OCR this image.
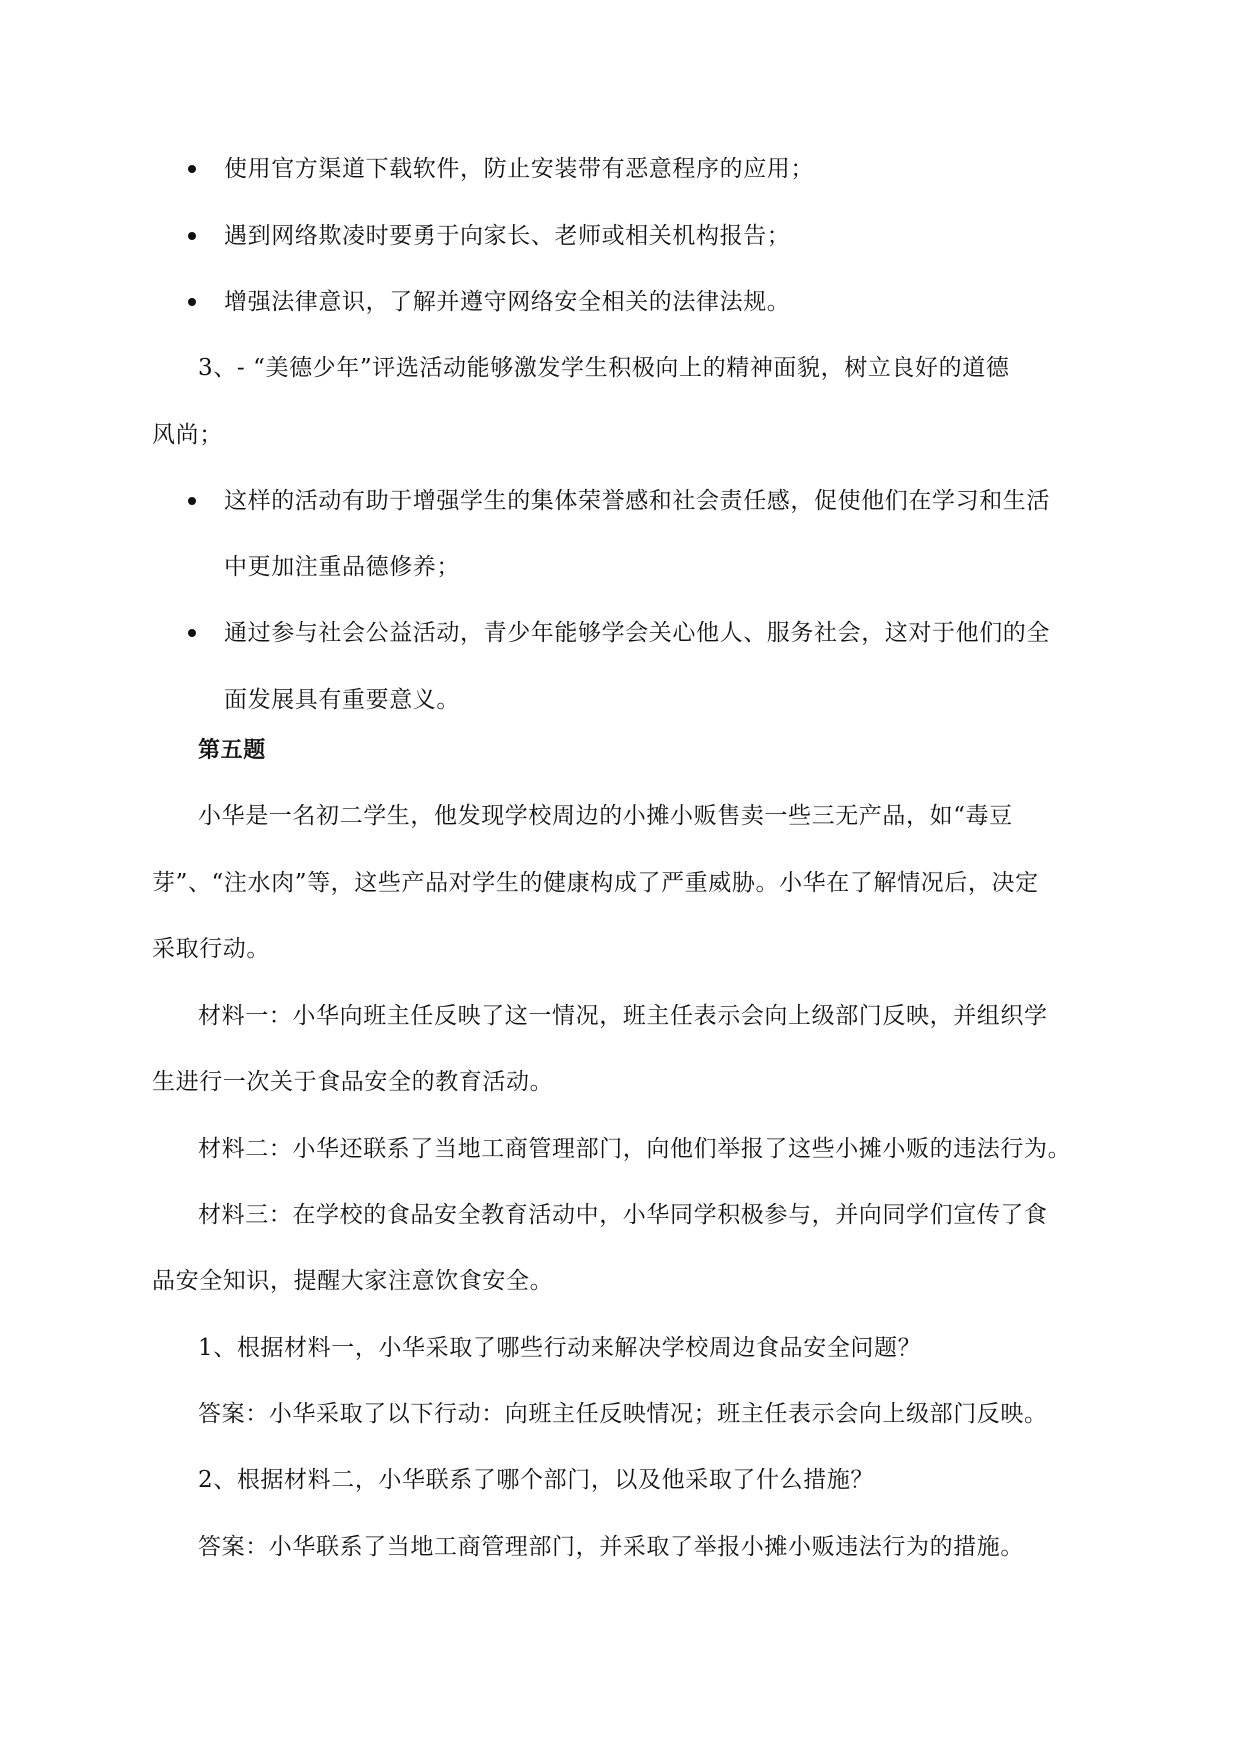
使用官方渠道下载软件，防止安装带有恶意程序的应用；
遇到网络欺凌时要勇于向家长、老师或相关机构报告；
增强法律意识，了解并遵守网络安全相关的法律法规。
3、- “美德少年”评选活动能够激发学生积极向上的精神面貌，树立良好的道德
风尚；
这样的活动有助于增强学生的集体荣誉感和社会责任感，促使他们在学习和生活
中更加注重品德修养；
通过参与社会公益活动，青少年能够学会关心他人、服务社会，这对于他们的全
面发展具有重要意义。
第五题
小华是一名初二学生，他发现学校周边的小摊小贩售卖一些三无产品，如“毒豆
芽”、“注水肉”等，这些产品对学生的健康构成了严重威胁。小华在了解情况后，决定
采取行动。
材料一：小华向班主任反映了这一情况，班主任表示会向上级部门反映，并组织学
生进行一次关于食品安全的教育活动。
材料二：小华还联系了当地工商管理部门，向他们举报了这些小摊小贩的违法行为。
材料三：在学校的食品安全教育活动中，小华同学积极参与，并向同学们宣传了食
品安全知识，提醒大家注意饮食安全。
1、根据材料一，小华采取了哪些行动来解决学校周边食品安全问题？
答案：小华采取了以下行动：向班主任反映情况；班主任表示会向上级部门反映。
2、根据材料二，小华联系了哪个部门，以及他采取了什么措施？
答案：小华联系了当地工商管理部门，并采取了举报小摊小贩违法行为的措施。
